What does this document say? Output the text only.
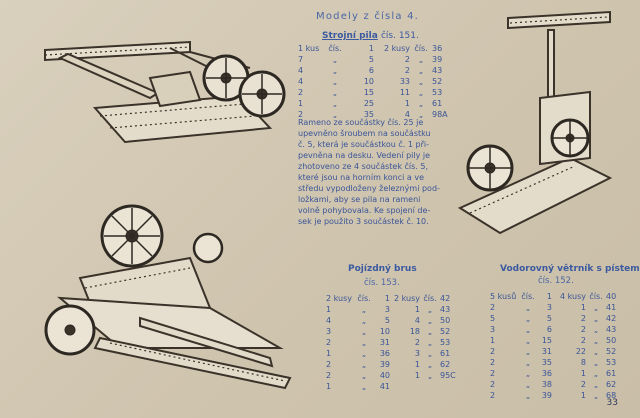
Modely z čísla 4.
Strojní pila čís. 151.
1 kus čís.	1 2 kusy čís. 36
7	„	5	2 „ 39
4	„	6	2 „ 43
4	„	10	33 „ 52
2	„	15	11 „ 53
1	„	25	1 „ 61
2	„	35	4 „ 98A
Rameno ze součástky čís. 25 je
upevněno šroubem na součástku
č. 5, která je součástkou č. 1 při-
pevněna na desku. Vedení pily je
zhotoveno ze 4 součástek čís. 5,
které jsou na horním konci a ve
středu vypodloženy železnými pod-
ložkami, aby se pila na rameni
volně pohybovala. Ke spojení de-
sek je použito 3 součástek č. 10.
Pojízdný brus
čís. 153.
2 kusy čís. 1 2 kusy čís. 42
1	„ 3	1 „ 43
4	„ 5	4 „ 50
3	„ 10 18 „ 52
2	„ 31	2 „ 53
1	„ 36	3 „ 61
2	„ 39	1 „ 62
2	„ 40	1 „ 95C
1	„ 41
Vodorovný větrník s pístem
čís. 152.
5 kusů čís. 1 4 kusy čís. 40
2	„ 3	1 „ 41
5	„ 5	2 „ 42
3	„ 6	2 „ 43
1	„ 15	2 „ 50
2	„ 31	22 „ 52
2	„ 35	8 „ 53
2	„ 36	1 „ 61
2	„ 38	2 „ 62
2	„ 39	1 „ 68
33
